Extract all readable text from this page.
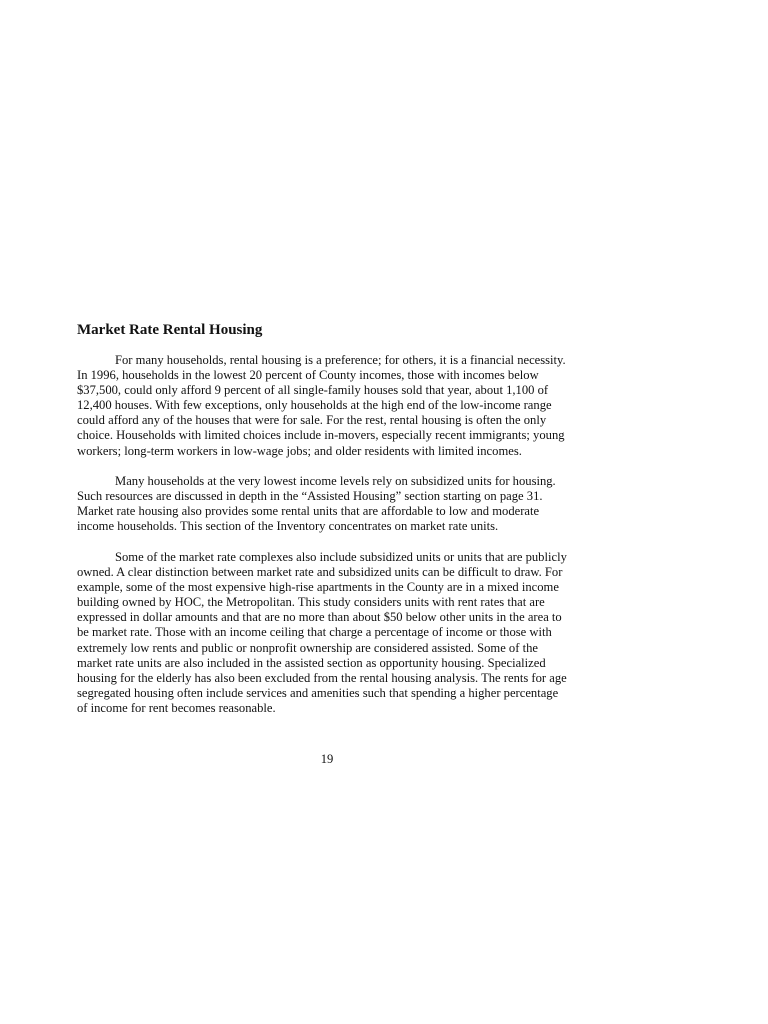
Market Rate Rental Housing
For many households, rental housing is a preference; for others, it is a financial necessity.
In 1996, households in the lowest 20 percent of County incomes, those with incomes below
$37,500, could only afford 9 percent of all single-family houses sold that year, about 1,100 of
12,400 houses. With few exceptions, only households at the high end of the low-income range
could afford any of the houses that were for sale. For the rest, rental housing is often the only
choice. Households with limited choices include in-movers, especially recent immigrants; young
workers; long-term workers in low-wage jobs; and older residents with limited incomes.
Many households at the very lowest income levels rely on subsidized units for housing.
Such resources are discussed in depth in the “Assisted Housing” section starting on page 31.
Market rate housing also provides some rental units that are affordable to low and moderate
income households. This section of the Inventory concentrates on market rate units.
Some of the market rate complexes also include subsidized units or units that are publicly
owned. A clear distinction between market rate and subsidized units can be difficult to draw. For
example, some of the most expensive high-rise apartments in the County are in a mixed income
building owned by HOC, the Metropolitan. This study considers units with rent rates that are
expressed in dollar amounts and that are no more than about $50 below other units in the area to
be market rate. Those with an income ceiling that charge a percentage of income or those with
extremely low rents and public or nonprofit ownership are considered assisted. Some of the
market rate units are also included in the assisted section as opportunity housing. Specialized
housing for the elderly has also been excluded from the rental housing analysis. The rents for age
segregated housing often include services and amenities such that spending a higher percentage
of income for rent becomes reasonable.
19
